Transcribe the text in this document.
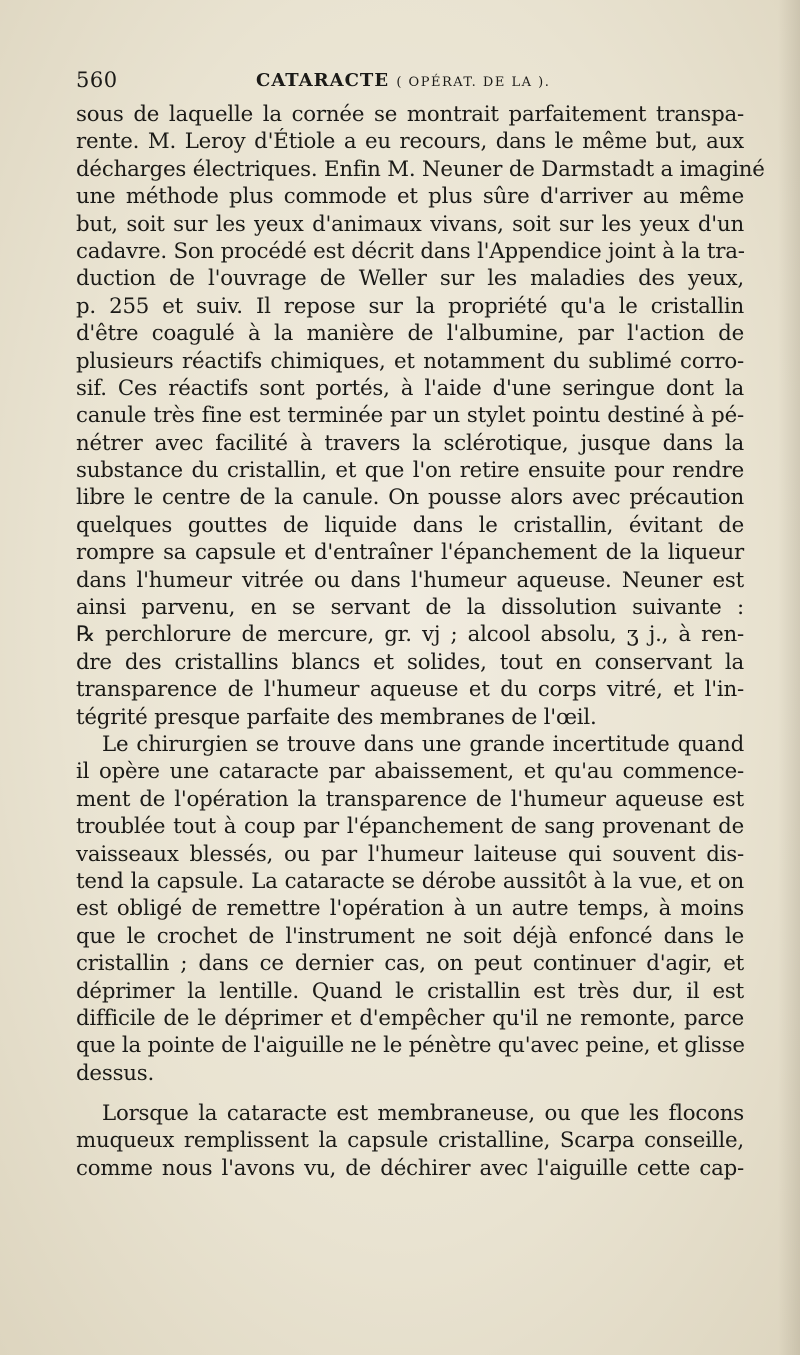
560	CATARACTE ( OPÉRAT. DE LA ).
sous de laquelle la cornée se montrait parfaitement transpa-
rente. M. Leroy d'Étiole a eu recours, dans le même but, aux
décharges électriques. Enfin M. Neuner de Darmstadt a imaginé
une méthode plus commode et plus sûre d'arriver au même
but, soit sur les yeux d'animaux vivans, soit sur les yeux d'un
cadavre. Son procédé est décrit dans l'Appendice joint à la tra-
duction de l'ouvrage de Weller sur les maladies des yeux,
p. 255 et suiv. Il repose sur la propriété qu'a le cristallin
d'être coagulé à la manière de l'albumine, par l'action de
plusieurs réactifs chimiques, et notamment du sublimé corro-
sif. Ces réactifs sont portés, à l'aide d'une seringue dont la
canule très fine est terminée par un stylet pointu destiné à pé-
nétrer avec facilité à travers la sclérotique, jusque dans la
substance du cristallin, et que l'on retire ensuite pour rendre
libre le centre de la canule. On pousse alors avec précaution
quelques gouttes de liquide dans le cristallin, évitant de
rompre sa capsule et d'entraîner l'épanchement de la liqueur
dans l'humeur vitrée ou dans l'humeur aqueuse. Neuner est
ainsi parvenu, en se servant de la dissolution suivante :
℞ perchlorure de mercure, gr. vj ; alcool absolu, ʒ j., à ren-
dre des cristallins blancs et solides, tout en conservant la
transparence de l'humeur aqueuse et du corps vitré, et l'in-
tégrité presque parfaite des membranes de l'œil.
Le chirurgien se trouve dans une grande incertitude quand
il opère une cataracte par abaissement, et qu'au commence-
ment de l'opération la transparence de l'humeur aqueuse est
troublée tout à coup par l'épanchement de sang provenant de
vaisseaux blessés, ou par l'humeur laiteuse qui souvent dis-
tend la capsule. La cataracte se dérobe aussitôt à la vue, et on
est obligé de remettre l'opération à un autre temps, à moins
que le crochet de l'instrument ne soit déjà enfoncé dans le
cristallin ; dans ce dernier cas, on peut continuer d'agir, et
déprimer la lentille. Quand le cristallin est très dur, il est
difficile de le déprimer et d'empêcher qu'il ne remonte, parce
que la pointe de l'aiguille ne le pénètre qu'avec peine, et glisse
dessus.
Lorsque la cataracte est membraneuse, ou que les flocons
muqueux remplissent la capsule cristalline, Scarpa conseille,
comme nous l'avons vu, de déchirer avec l'aiguille cette cap-
